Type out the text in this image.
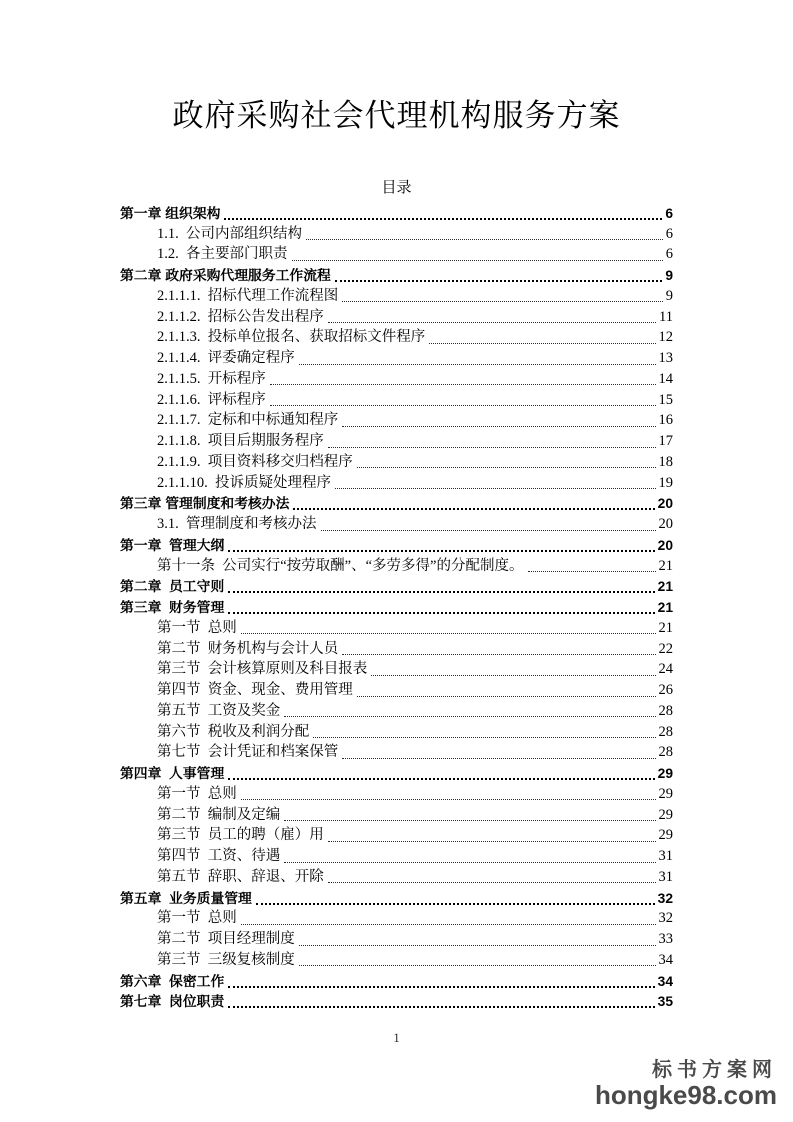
政府采购社会代理机构服务方案
目录
第一章 组织架构	6
1.1.  公司内部组织结构	6
1.2.  各主要部门职责	6
第二章 政府采购代理服务工作流程	9
2.1.1.1.  招标代理工作流程图	9
2.1.1.2.  招标公告发出程序	11
2.1.1.3.  投标单位报名、获取招标文件程序	12
2.1.1.4.  评委确定程序	13
2.1.1.5.  开标程序	14
2.1.1.6.  评标程序	15
2.1.1.7.  定标和中标通知程序	16
2.1.1.8.  项目后期服务程序	17
2.1.1.9.  项目资料移交归档程序	18
2.1.1.10.  投诉质疑处理程序	19
第三章 管理制度和考核办法	20
3.1.  管理制度和考核办法	20
第一章  管理大纲	20
第十一条  公司实行“按劳取酬”、“多劳多得”的分配制度。	21
第二章  员工守则	21
第三章  财务管理	21
第一节  总则	21
第二节  财务机构与会计人员	22
第三节  会计核算原则及科目报表	24
第四节  资金、现金、费用管理	26
第五节  工资及奖金	28
第六节  税收及利润分配	28
第七节  会计凭证和档案保管	28
第四章  人事管理	29
第一节  总则	29
第二节  编制及定编	29
第三节  员工的聘（雇）用	29
第四节  工资、待遇	31
第五节  辞职、辞退、开除	31
第五章  业务质量管理	32
第一节  总则	32
第二节  项目经理制度	33
第三节  三级复核制度	34
第六章  保密工作	34
第七章  岗位职责	35
1
标书方案网
hongke98.com
